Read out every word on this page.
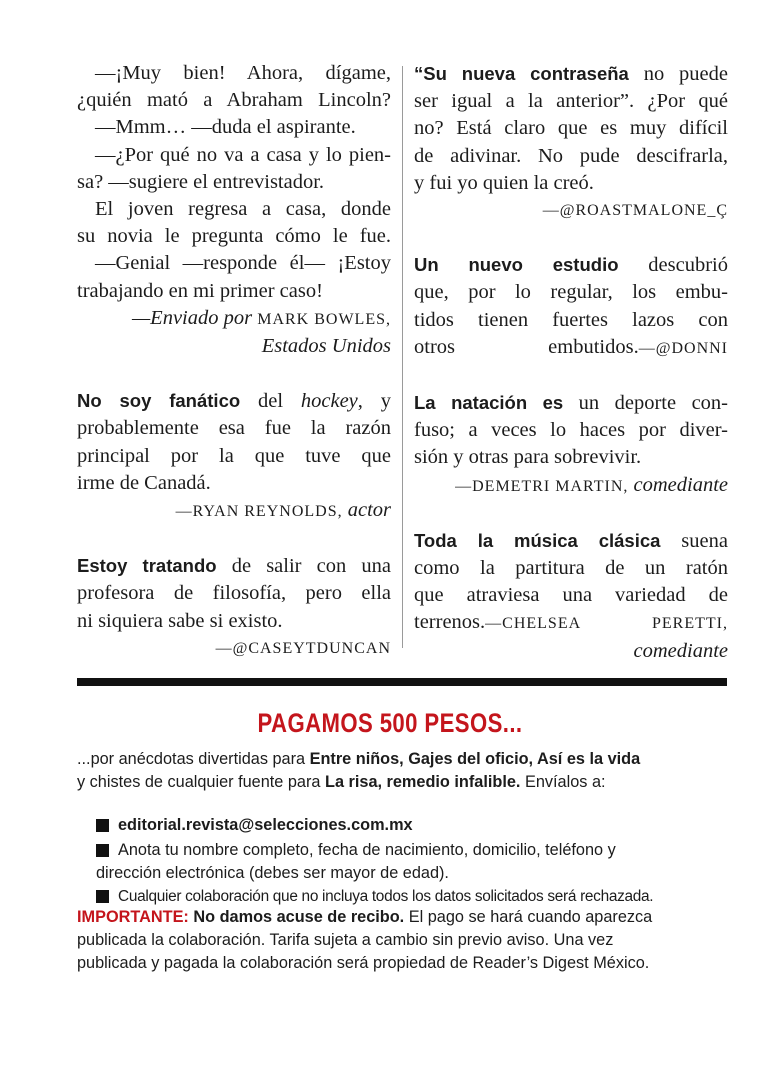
—¡Muy bien! Ahora, dígame,
¿quién mató a Abraham Lincoln?
—Mmm… —duda el aspirante.
—¿Por qué no va a casa y lo pien-
sa? —sugiere el entrevistador.
El joven regresa a casa, donde
su novia le pregunta cómo le fue.
—Genial —responde él— ¡Estoy
trabajando en mi primer caso!
—Enviado por MARK BOWLES,
Estados Unidos
No soy fanático del hockey, y
probablemente esa fue la razón
principal por la que tuve que
irme de Canadá.
—RYAN REYNOLDS, actor
Estoy tratando de salir con una
profesora de filosofía, pero ella
ni siquiera sabe si existo.
—@CASEYTDUNCAN
“Su nueva contraseña no puede
ser igual a la anterior”. ¿Por qué
no? Está claro que es muy difícil
de adivinar. No pude descifrarla,
y fui yo quien la creó.
—@ROASTMALONE_Ç
Un nuevo estudio descubrió
que, por lo regular, los embu-
tidos tienen fuertes lazos con
otros embutidos.—@DONNI
La natación es un deporte con-
fuso; a veces lo haces por diver-
sión y otras para sobrevivir.
—DEMETRI MARTIN, comediante
Toda la música clásica suena
como la partitura de un ratón
que atraviesa una variedad de
terrenos.—CHELSEA PERETTI,
comediante
PAGAMOS 500 PESOS...
...por anécdotas divertidas para Entre niños, Gajes del oficio, Así es la vida
y chistes de cualquier fuente para La risa, remedio infalible. Envíalos a:
editorial.revista@selecciones.com.mx
Anota tu nombre completo, fecha de nacimiento, domicilio, teléfono y
dirección electrónica (debes ser mayor de edad).
Cualquier colaboración que no incluya todos los datos solicitados será rechazada.
IMPORTANTE: No damos acuse de recibo. El pago se hará cuando aparezca
publicada la colaboración. Tarifa sujeta a cambio sin previo aviso. Una vez
publicada y pagada la colaboración será propiedad de Reader’s Digest México.
